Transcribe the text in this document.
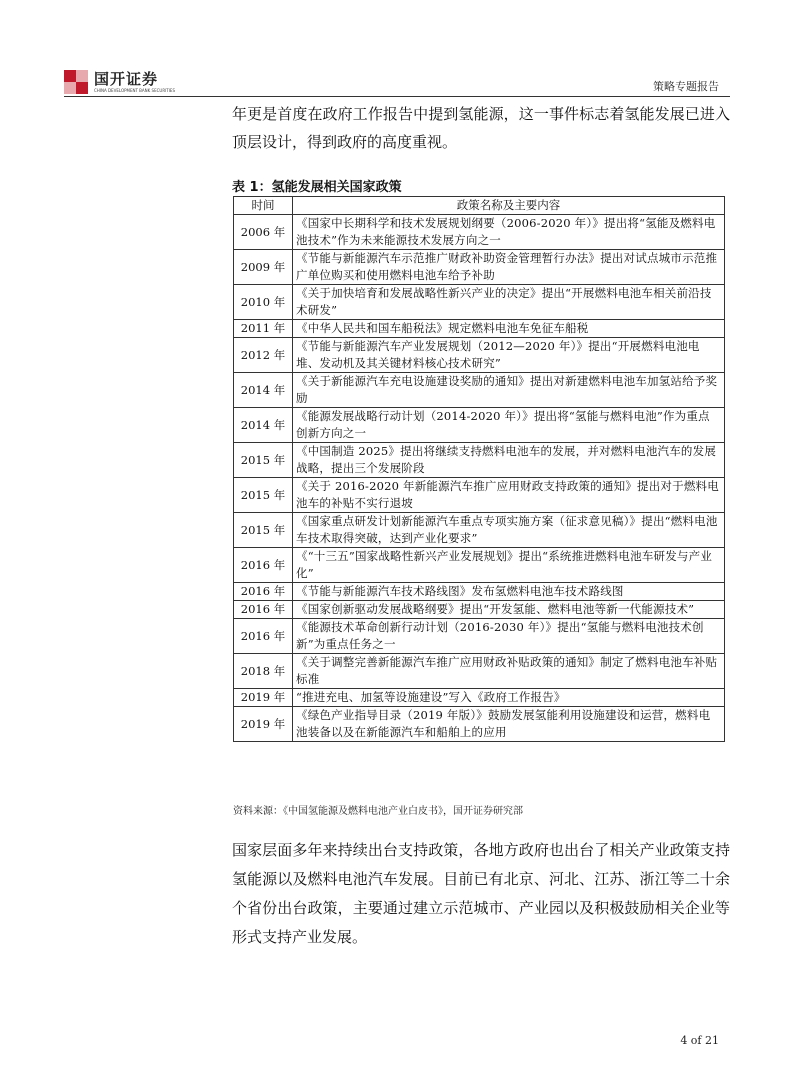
国开证券
CHINA DEVELOPMENT BANK SECURITIES	策略专题报告

年更是首度在政府工作报告中提到氢能源，这一事件标志着氢能发展已进入顶层设计，得到政府的高度重视。

表 1：氢能发展相关国家政策
时间	政策名称及主要内容
2006 年	《国家中长期科学和技术发展规划纲要（2006-2020 年）》提出将“氢能及燃料电池技术”作为未来能源技术发展方向之一
2009 年	《节能与新能源汽车示范推广财政补助资金管理暂行办法》提出对试点城市示范推广单位购买和使用燃料电池车给予补助
2010 年	《关于加快培育和发展战略性新兴产业的决定》提出“开展燃料电池车相关前沿技术研发”
2011 年	《中华人民共和国车船税法》规定燃料电池车免征车船税
2012 年	《节能与新能源汽车产业发展规划（2012—2020 年）》提出“开展燃料电池电堆、发动机及其关键材料核心技术研究”
2014 年	《关于新能源汽车充电设施建设奖励的通知》提出对新建燃料电池车加氢站给予奖励
2014 年	《能源发展战略行动计划（2014-2020 年）》提出将“氢能与燃料电池”作为重点创新方向之一
2015 年	《中国制造 2025》提出将继续支持燃料电池车的发展，并对燃料电池汽车的发展战略，提出三个发展阶段
2015 年	《关于 2016-2020 年新能源汽车推广应用财政支持政策的通知》提出对于燃料电池车的补贴不实行退坡
2015 年	《国家重点研发计划新能源汽车重点专项实施方案（征求意见稿）》提出“燃料电池车技术取得突破，达到产业化要求”
2016 年	《“十三五”国家战略性新兴产业发展规划》提出“系统推进燃料电池车研发与产业化”
2016 年	《节能与新能源汽车技术路线图》发布氢燃料电池车技术路线图
2016 年	《国家创新驱动发展战略纲要》提出“开发氢能、燃料电池等新一代能源技术”
2016 年	《能源技术革命创新行动计划（2016-2030 年）》提出“氢能与燃料电池技术创新”为重点任务之一
2018 年	《关于调整完善新能源汽车推广应用财政补贴政策的通知》制定了燃料电池车补贴标准
2019 年	“推进充电、加氢等设施建设”写入《政府工作报告》
2019 年	《绿色产业指导目录（2019 年版）》鼓励发展氢能利用设施建设和运营，燃料电池装备以及在新能源汽车和船舶上的应用
资料来源：《中国氢能源及燃料电池产业白皮书》，国开证券研究部

国家层面多年来持续出台支持政策，各地方政府也出台了相关产业政策支持氢能源以及燃料电池汽车发展。目前已有北京、河北、江苏、浙江等二十余个省份出台政策，主要通过建立示范城市、产业园以及积极鼓励相关企业等形式支持产业发展。

4 of 21
